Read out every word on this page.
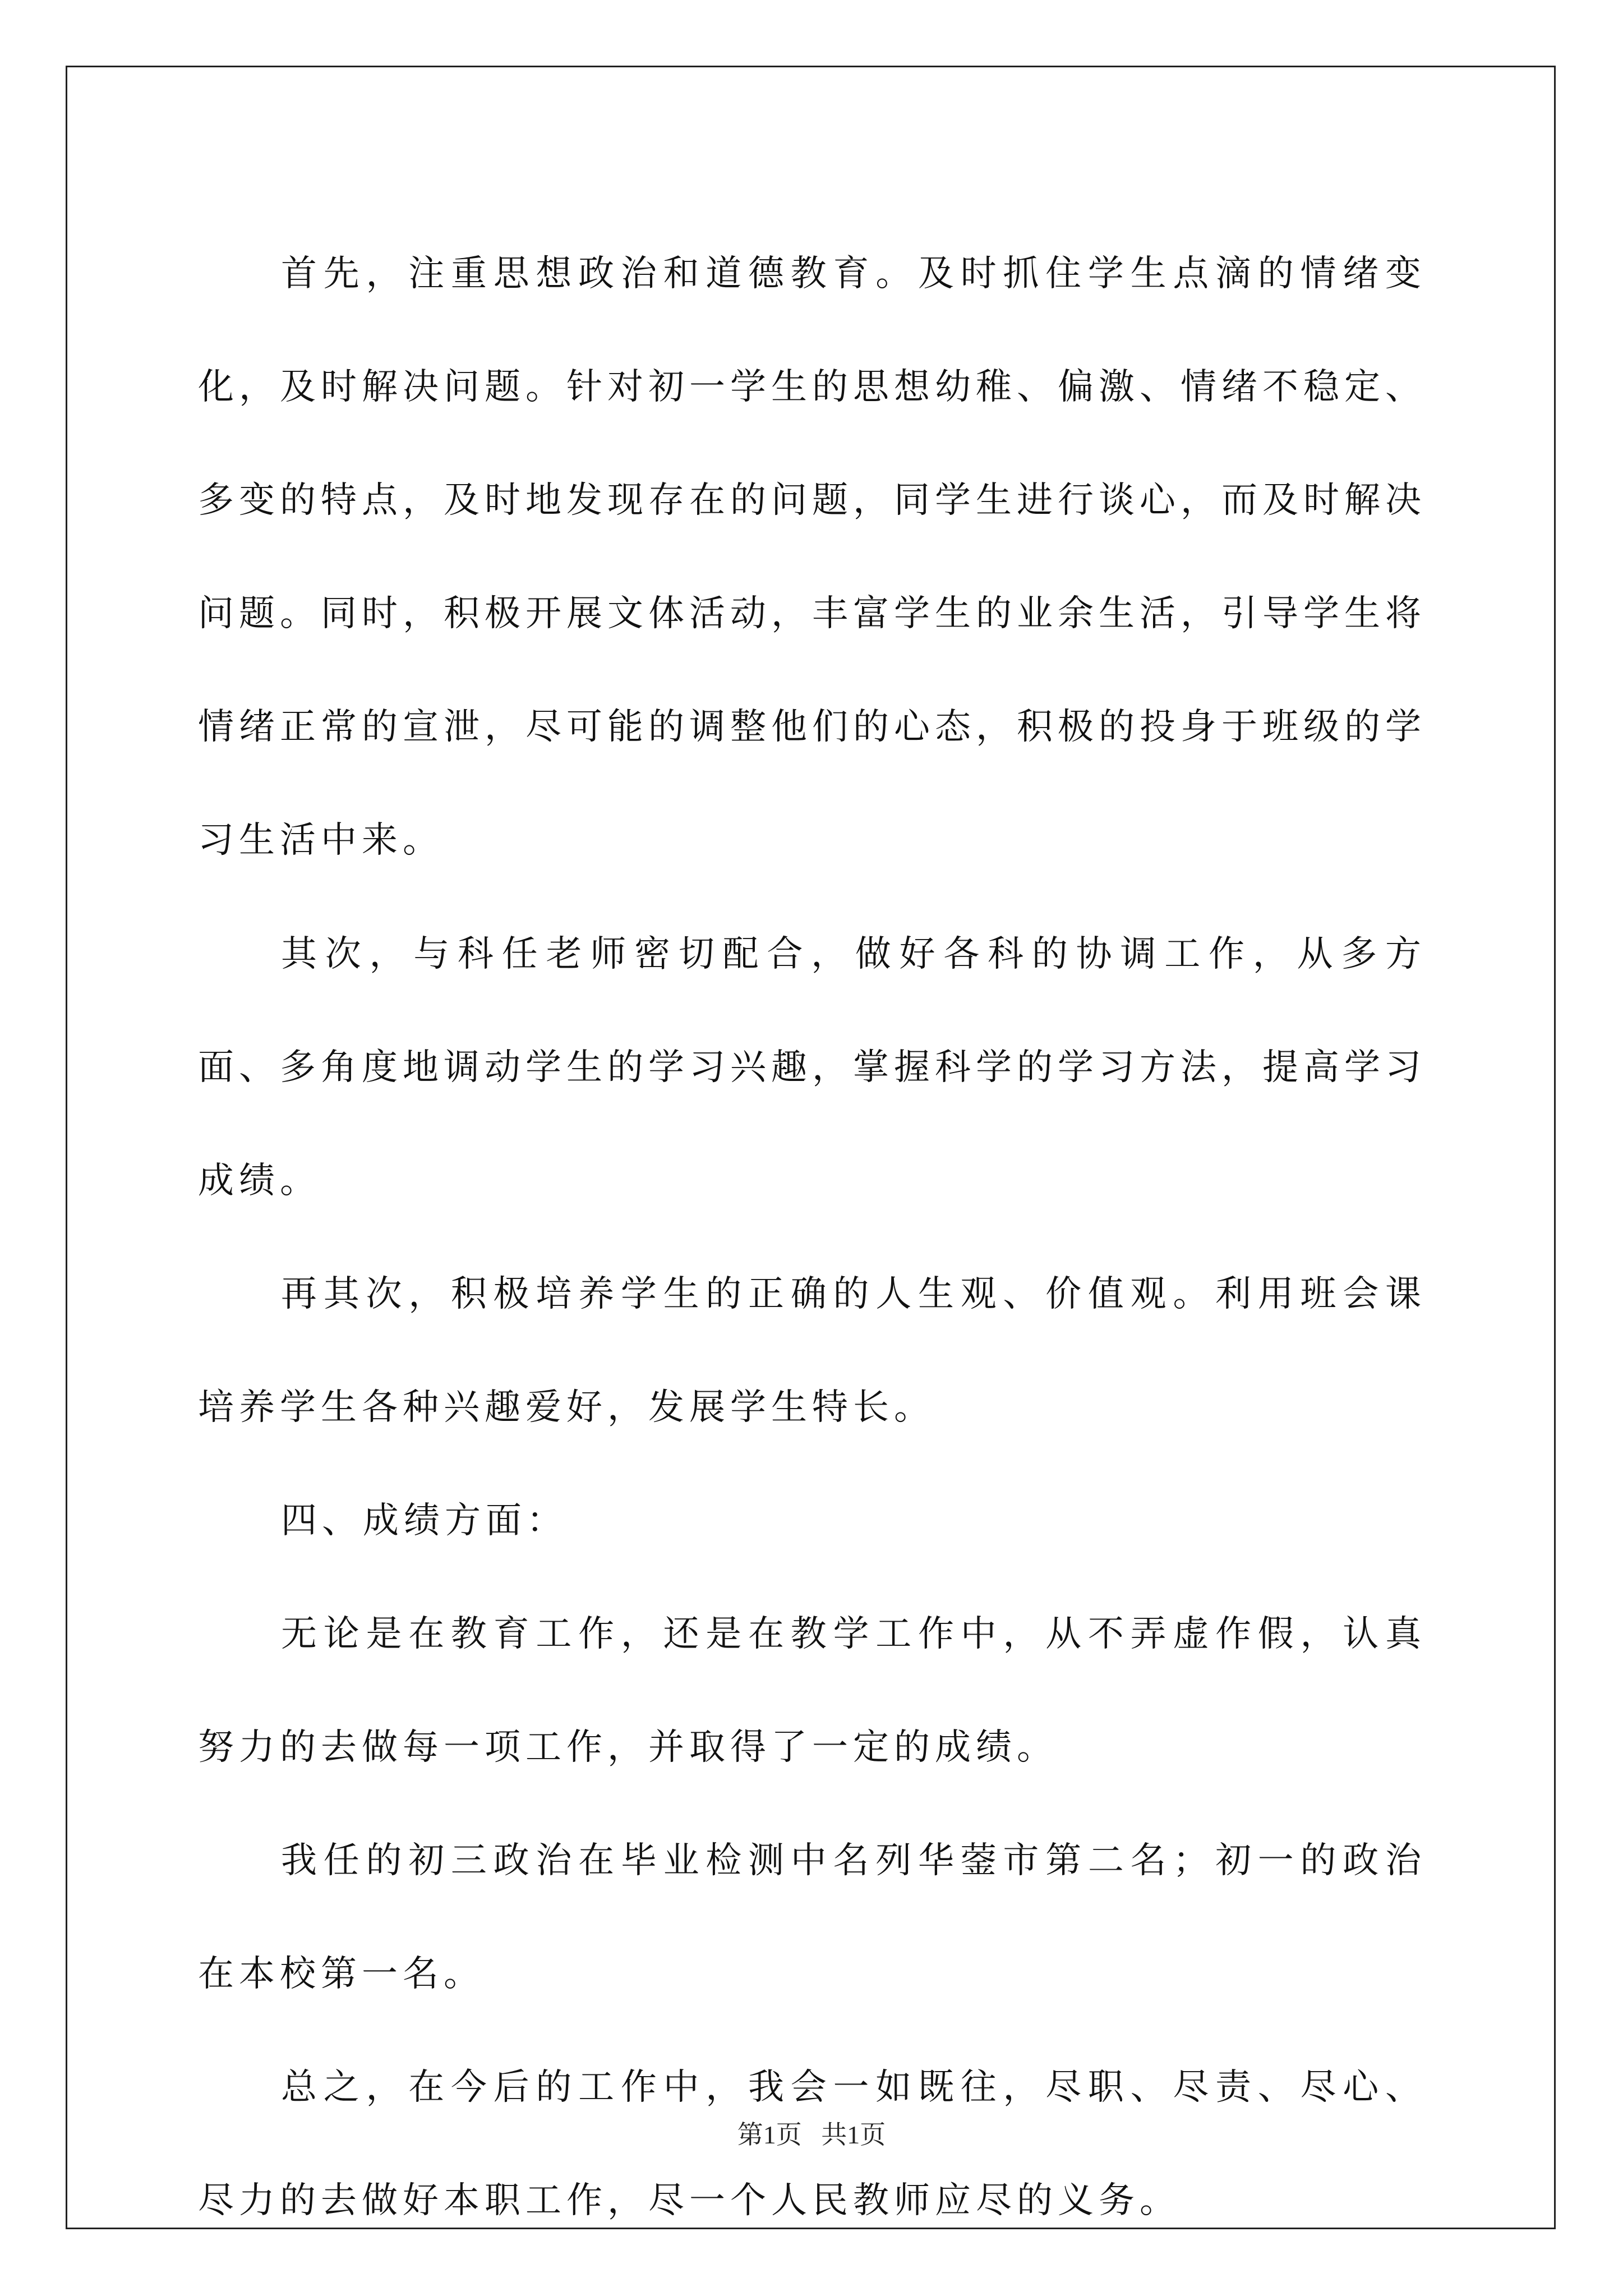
首先，注重思想政治和道德教育。及时抓住学生点滴的情绪变化，及时解决问题。针对初一学生的思想幼稚、偏激、情绪不稳定、多变的特点，及时地发现存在的问题，同学生进行谈心，而及时解决问题。同时，积极开展文体活动，丰富学生的业余生活，引导学生将情绪正常的宣泄，尽可能的调整他们的心态，积极的投身于班级的学习生活中来。

其次，与科任老师密切配合，做好各科的协调工作，从多方面、多角度地调动学生的学习兴趣，掌握科学的学习方法，提高学习成绩。

再其次，积极培养学生的正确的人生观、价值观。利用班会课培养学生各种兴趣爱好，发展学生特长。

四、成绩方面：

无论是在教育工作，还是在教学工作中，从不弄虚作假，认真努力的去做每一项工作，并取得了一定的成绩。

我任的初三政治在毕业检测中名列华蓥市第二名；初一的政治在本校第一名。

总之，在今后的工作中，我会一如既往，尽职、尽责、尽心、尽力的去做好本职工作，尽一个人民教师应尽的义务。

第1页 共1页
